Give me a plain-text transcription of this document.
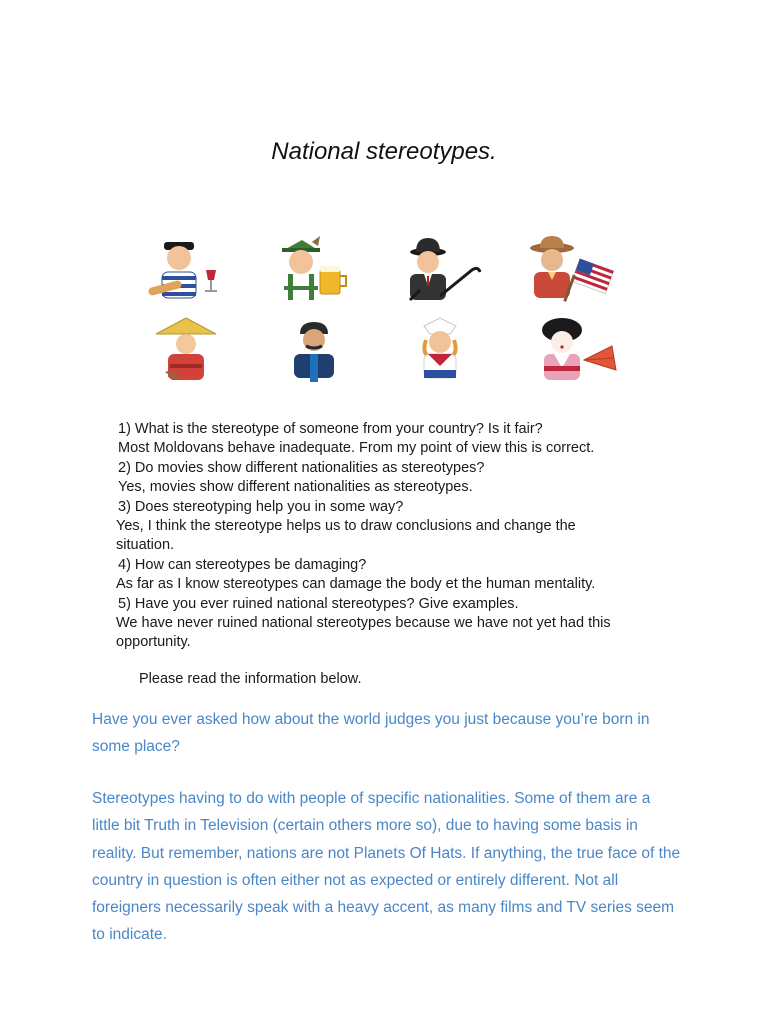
National stereotypes.
1) What is the stereotype of someone from your country? Is it fair?
Most Moldovans behave inadequate. From my point of view this is correct.
2) Do movies show different nationalities as stereotypes?
Yes, movies show different nationalities as stereotypes.
3) Does stereotyping help you in some way?
Yes, I think the stereotype helps us to draw conclusions and change the situation.
4) How can stereotypes be damaging?
As far as I know stereotypes can damage the body et the human mentality.
5) Have you ever ruined national stereotypes? Give examples.
We have never ruined national stereotypes because we have not yet had this opportunity.
Please read the information below.
Have you ever asked how about the world judges you just because you’re born in some place?
Stereotypes having to do with people of specific nationalities. Some of them are a little bit Truth in Television (certain others more so), due to having some basis in reality. But remember, nations are not Planets Of Hats. If anything, the true face of the country in question is often either not as expected or entirely different. Not all foreigners necessarily speak with a heavy accent, as many films and TV series seem to indicate.
